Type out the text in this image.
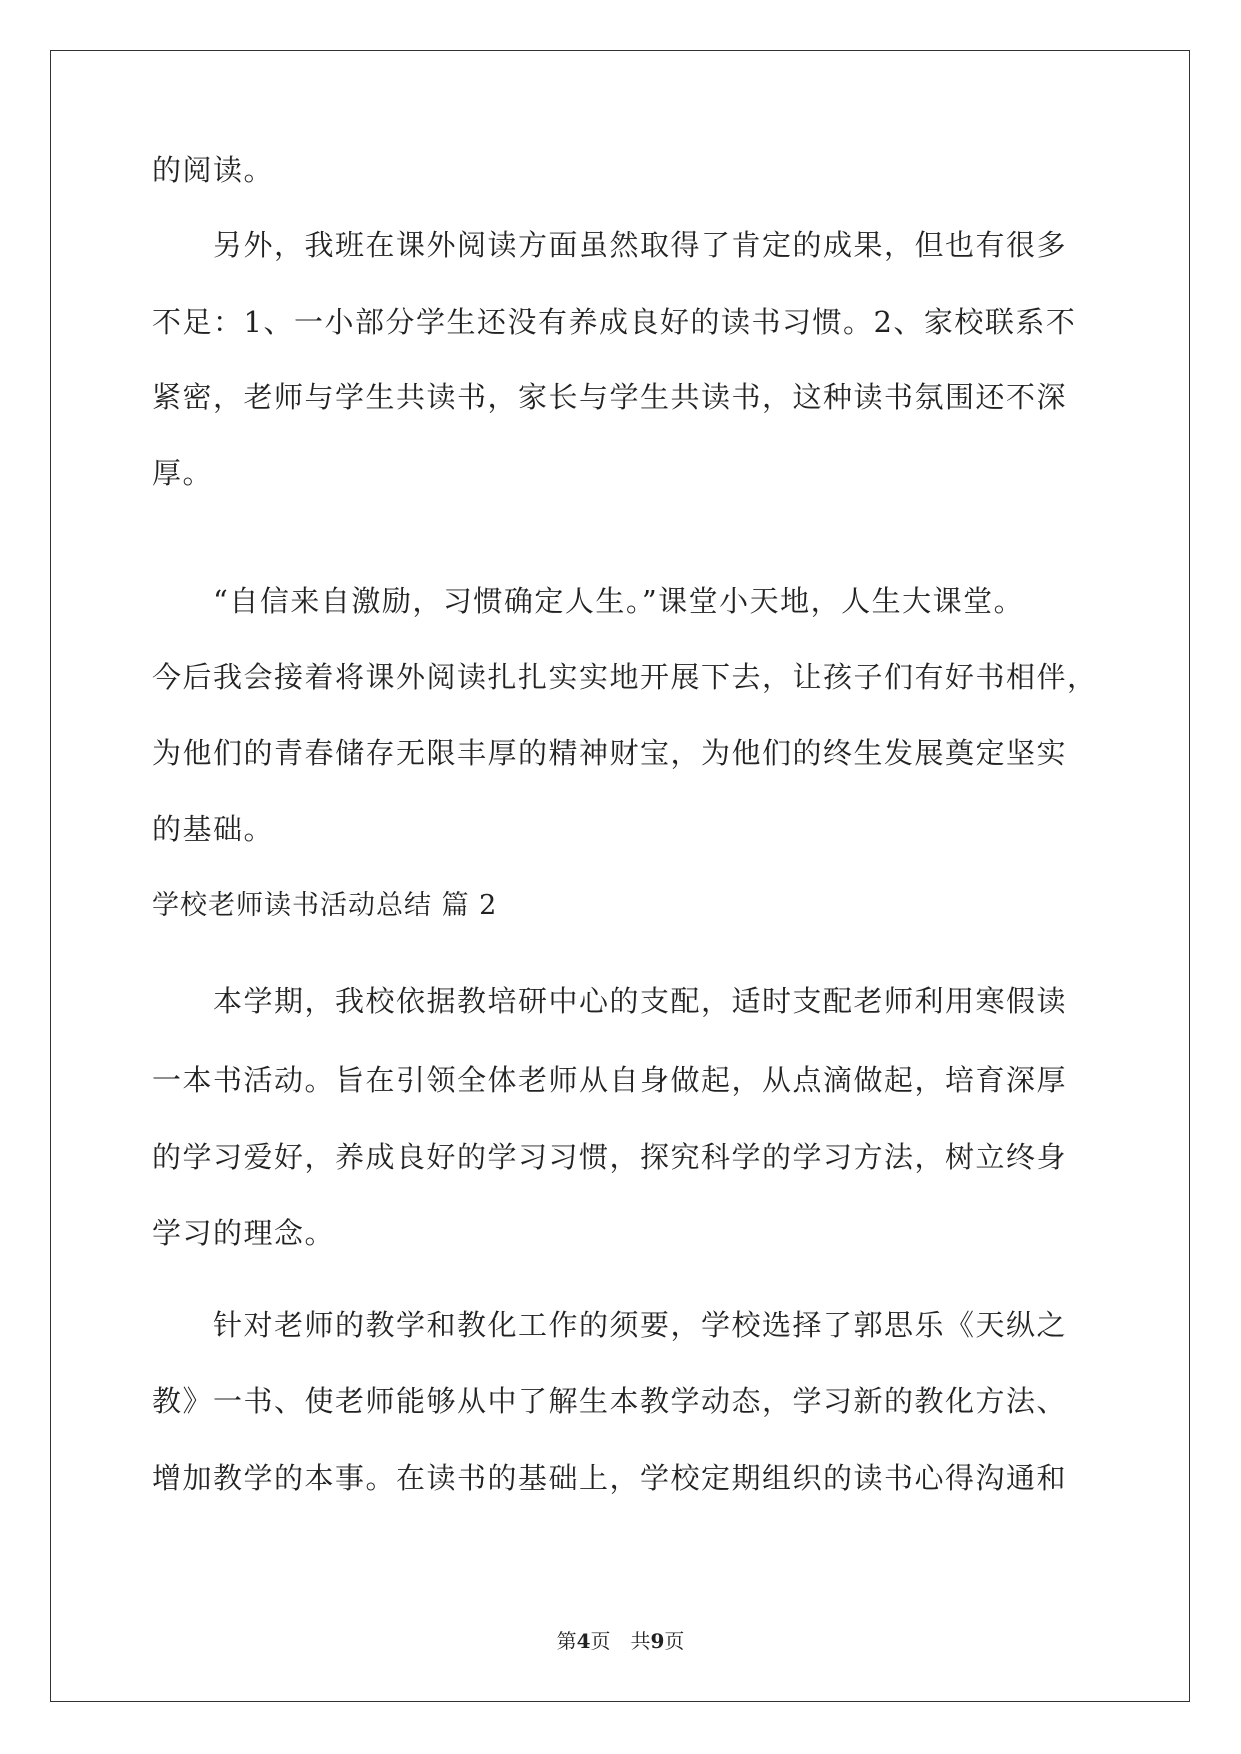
的阅读。
　　另外，我班在课外阅读方面虽然取得了肯定的成果，但也有很多
不足：1、一小部分学生还没有养成良好的读书习惯。2、家校联系不
紧密，老师与学生共读书，家长与学生共读书，这种读书氛围还不深
厚。
　　“自信来自激励，习惯确定人生。”课堂小天地，人生大课堂。
今后我会接着将课外阅读扎扎实实地开展下去，让孩子们有好书相伴，
为他们的青春储存无限丰厚的精神财宝，为他们的终生发展奠定坚实
的基础。
学校老师读书活动总结 篇 2
　　本学期，我校依据教培研中心的支配，适时支配老师利用寒假读
一本书活动。旨在引领全体老师从自身做起，从点滴做起，培育深厚
的学习爱好，养成良好的学习习惯，探究科学的学习方法，树立终身
学习的理念。
　　针对老师的教学和教化工作的须要，学校选择了郭思乐《天纵之
教》一书、使老师能够从中了解生本教学动态，学习新的教化方法、
增加教学的本事。在读书的基础上，学校定期组织的读书心得沟通和
第4页　共9页
